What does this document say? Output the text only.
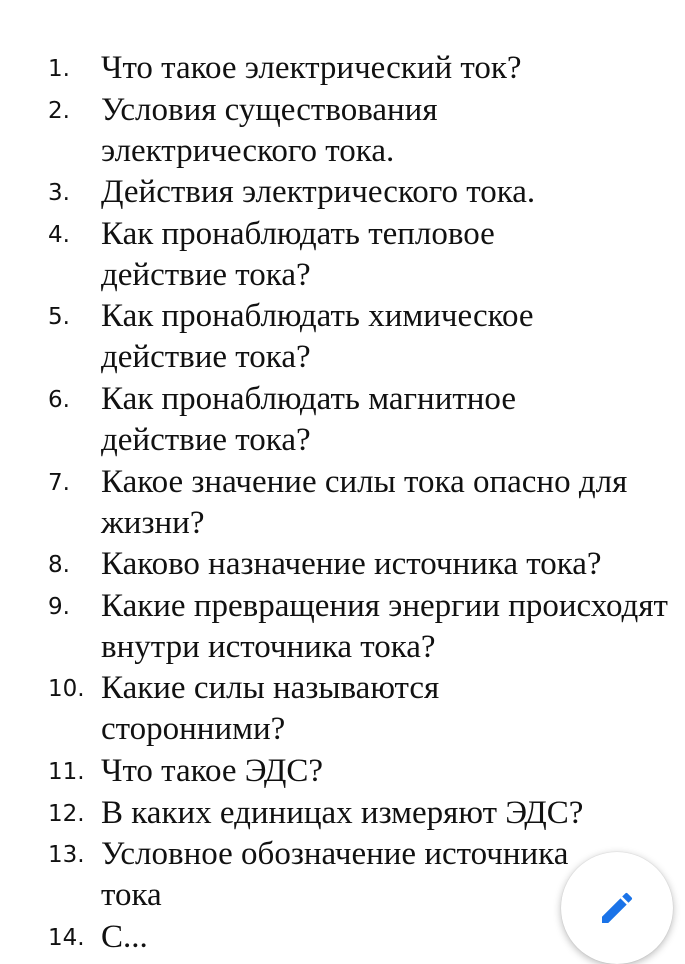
1. Что такое электрический ток?
2. Условия существования электрического тока.
3. Действия электрического тока.
4. Как пронаблюдать тепловое действие тока?
5. Как пронаблюдать химическое действие тока?
6. Как пронаблюдать магнитное действие тока?
7. Какое значение силы тока опасно для жизни?
8. Каково назначение источника тока?
9. Какие превращения энергии происходят внутри источника тока?
10. Какие силы называются сторонними?
11. Что такое ЭДС?
12. В каких единицах измеряют ЭДС?
13. Условное обозначение источника тока
14. С...
